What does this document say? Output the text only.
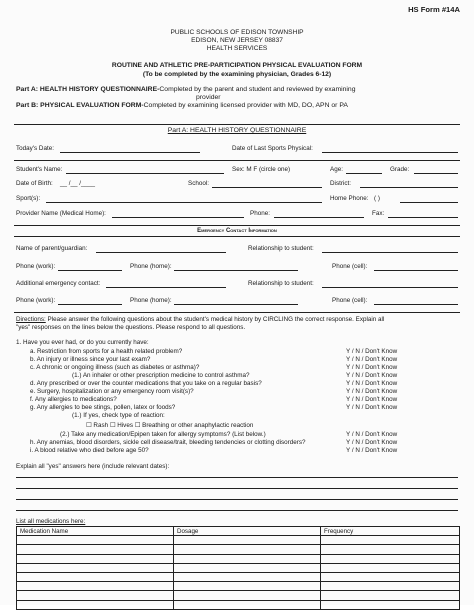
HS Form #14A
PUBLIC SCHOOLS OF EDISON TOWNSHIP
EDISON, NEW JERSEY 08837
HEALTH SERVICES
ROUTINE AND ATHLETIC PRE-PARTICIPATION PHYSICAL EVALUATION FORM
(To be completed by the examining physician, Grades 6-12)
Part A: HEALTH HISTORY QUESTIONNAIRE-Completed by the parent and student and reviewed by examining
provider
Part B: PHYSICAL EVALUATION FORM-Completed by examining licensed provider with MD, DO, APN or PA
Part A: HEALTH HISTORY QUESTIONNAIRE
Today's Date:	Date of Last Sports Physical:
Student's Name:	Sex: M F (circle one)	Age:	Grade:
Date of Birth: __ /__ /____	School:	District:
Sport(s):	Home Phone: ( )
Provider Name (Medical Home):	Phone:	Fax:
Emergency Contact Information
Name of parent/guardian:	Relationship to student:
Phone (work):	Phone (home):	Phone (cell):
Additional emergency contact:	Relationship to student:
Phone (work):	Phone (home):	Phone (cell):
Directions: Please answer the following questions about the student's medical history by CIRCLING the correct response. Explain all
"yes" responses on the lines below the questions. Please respond to all questions.
1. Have you ever had, or do you currently have:
a. Restriction from sports for a health related problem?	Y / N / Don't Know
b. An injury or illness since your last exam?	Y / N / Don't Know
c. A chronic or ongoing illness (such as diabetes or asthma)?	Y / N / Don't Know
(1.) An inhaler or other prescription medicine to control asthma?	Y / N / Don't Know
d. Any prescribed or over the counter medications that you take on a regular basis?	Y / N / Don't Know
e. Surgery, hospitalization or any emergency room visit(s)?	Y / N / Don't Know
f. Any allergies to medications?	Y / N / Don't Know
g. Any allergies to bee stings, pollen, latex or foods?	Y / N / Don't Know
(1.) If yes, check type of reaction:
☐ Rash ☐ Hives ☐ Breathing or other anaphylactic reaction
(2.) Take any medication/Epipen taken for allergy symptoms? (List below.)	Y / N / Don't Know
h. Any anemias, blood disorders, sickle cell disease/trait, bleeding tendencies or clotting disorders?	Y / N / Don't Know
i. A blood relative who died before age 50?	Y / N / Don't Know
Explain all "yes" answers here (include relevant dates):
List all medications here:
Medication Name	Dosage	Frequency
